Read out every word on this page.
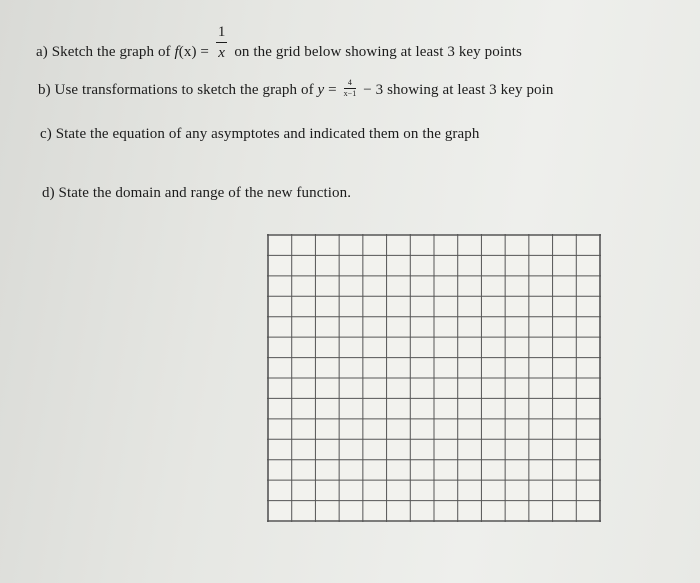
a) Sketch the graph of $f(x) = \frac{1}{x}$ on the grid below showing at least 3 key points
b) Use transformations to sketch the graph of $y = \frac{4}{x-1} - 3$ showing at least 3 key poin
c) State the equation of any asymptotes and indicated them on the graph
d) State the domain and range of the new function.
